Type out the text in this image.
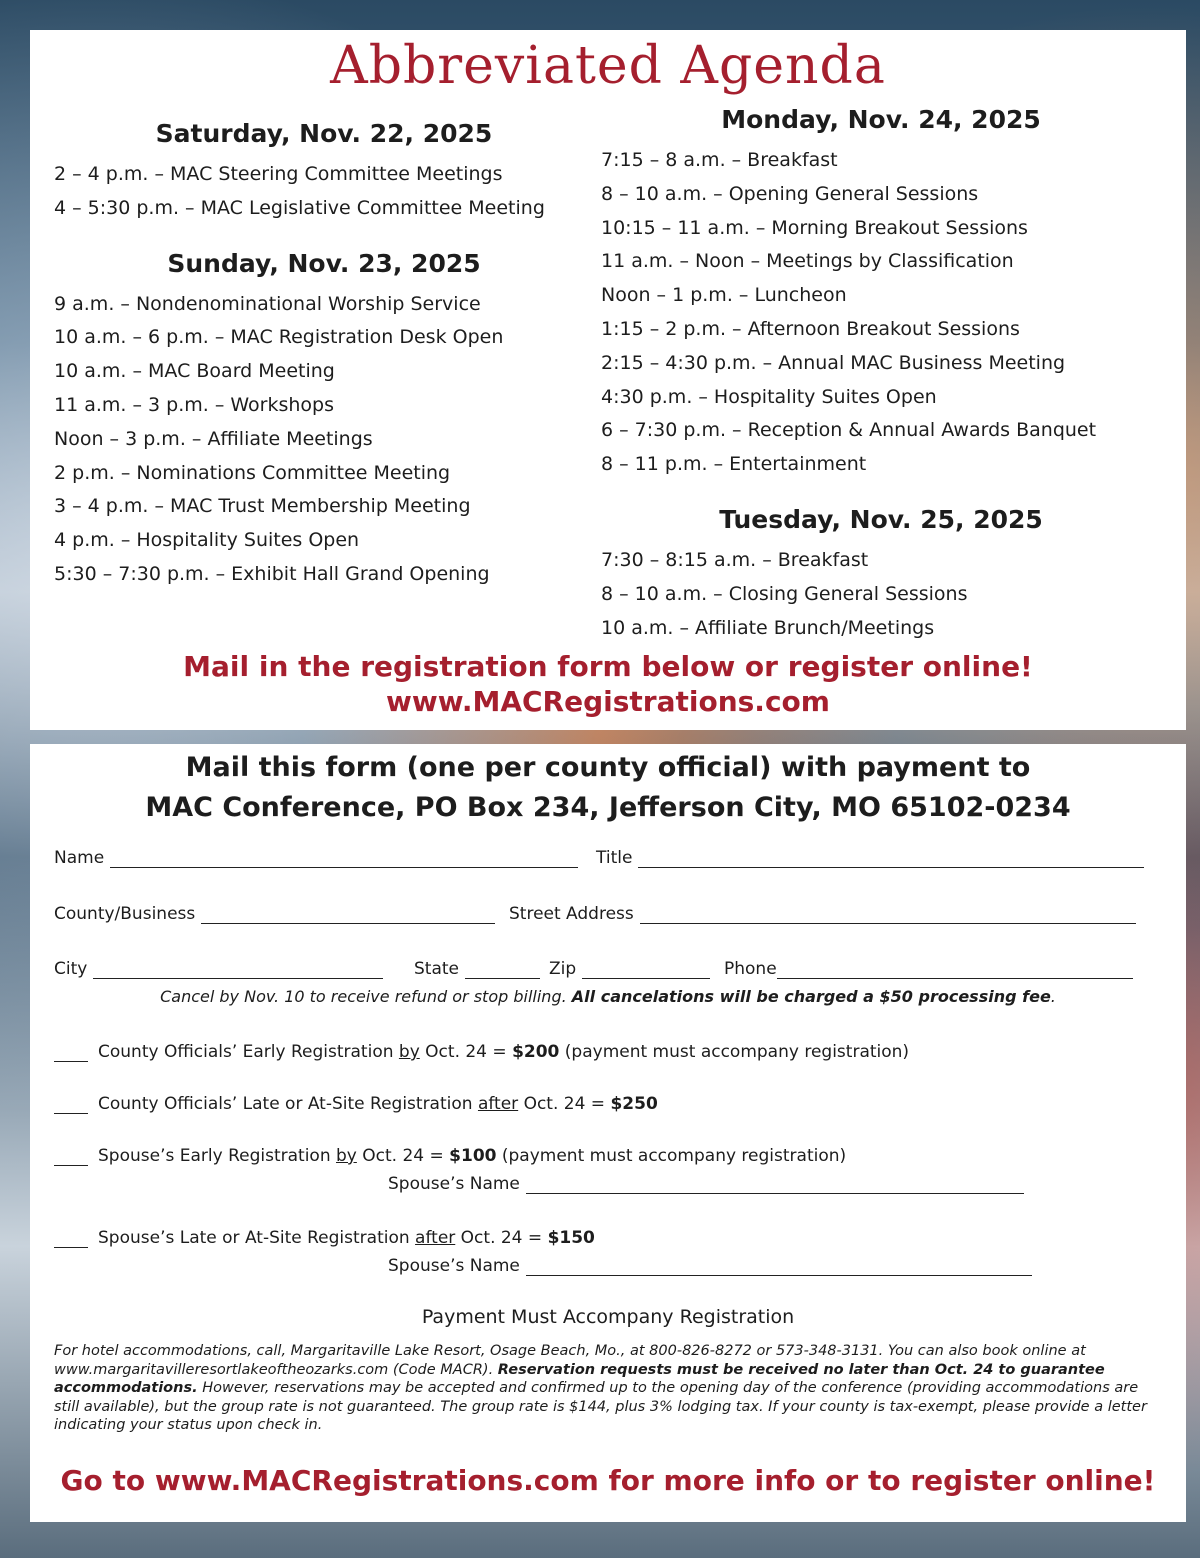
Abbreviated Agenda
Saturday, Nov. 22, 2025
2 – 4 p.m. – MAC Steering Committee Meetings
4 – 5:30 p.m. – MAC Legislative Committee Meeting
Sunday, Nov. 23, 2025
9 a.m. – Nondenominational Worship Service
10 a.m. – 6 p.m. – MAC Registration Desk Open
10 a.m. – MAC Board Meeting
11 a.m. – 3 p.m. – Workshops
Noon – 3 p.m. – Affiliate Meetings
2 p.m. – Nominations Committee Meeting
3 – 4 p.m. – MAC Trust Membership Meeting
4 p.m. – Hospitality Suites Open
5:30 – 7:30 p.m. – Exhibit Hall Grand Opening
Monday, Nov. 24, 2025
7:15 – 8 a.m. – Breakfast
8 – 10 a.m. – Opening General Sessions
10:15 – 11 a.m. – Morning Breakout Sessions
11 a.m. – Noon – Meetings by Classification
Noon – 1 p.m. – Luncheon
1:15 – 2 p.m. – Afternoon Breakout Sessions
2:15 – 4:30 p.m. – Annual MAC Business Meeting
4:30 p.m. – Hospitality Suites Open
6 – 7:30 p.m. – Reception & Annual Awards Banquet
8 – 11 p.m. – Entertainment
Tuesday, Nov. 25, 2025
7:30 – 8:15 a.m. – Breakfast
8 – 10 a.m. – Closing General Sessions
10 a.m. – Affiliate Brunch/Meetings
Mail in the registration form below or register online!
www.MACRegistrations.com
Mail this form (one per county official) with payment to
MAC Conference, PO Box 234, Jefferson City, MO 65102-0234
Name	Title
County/Business	Street Address
City	State	Zip	Phone
Cancel by Nov. 10 to receive refund or stop billing. All cancelations will be charged a $50 processing fee.
County Officials’ Early Registration by Oct. 24 = $200 (payment must accompany registration)
County Officials’ Late or At-Site Registration after Oct. 24 = $250
Spouse’s Early Registration by Oct. 24 = $100 (payment must accompany registration)
Spouse’s Name
Spouse’s Late or At-Site Registration after Oct. 24 = $150
Spouse’s Name
Payment Must Accompany Registration
For hotel accommodations, call, Margaritaville Lake Resort, Osage Beach, Mo., at 800-826-8272 or 573-348-3131. You can also book online at www.margaritavilleresortlakeoftheozarks.com (Code MACR). Reservation requests must be received no later than Oct. 24 to guarantee accommodations. However, reservations may be accepted and confirmed up to the opening day of the conference (providing accommodations are still available), but the group rate is not guaranteed. The group rate is $144, plus 3% lodging tax. If your county is tax-exempt, please provide a letter indicating your status upon check in.
Go to www.MACRegistrations.com for more info or to register online!
